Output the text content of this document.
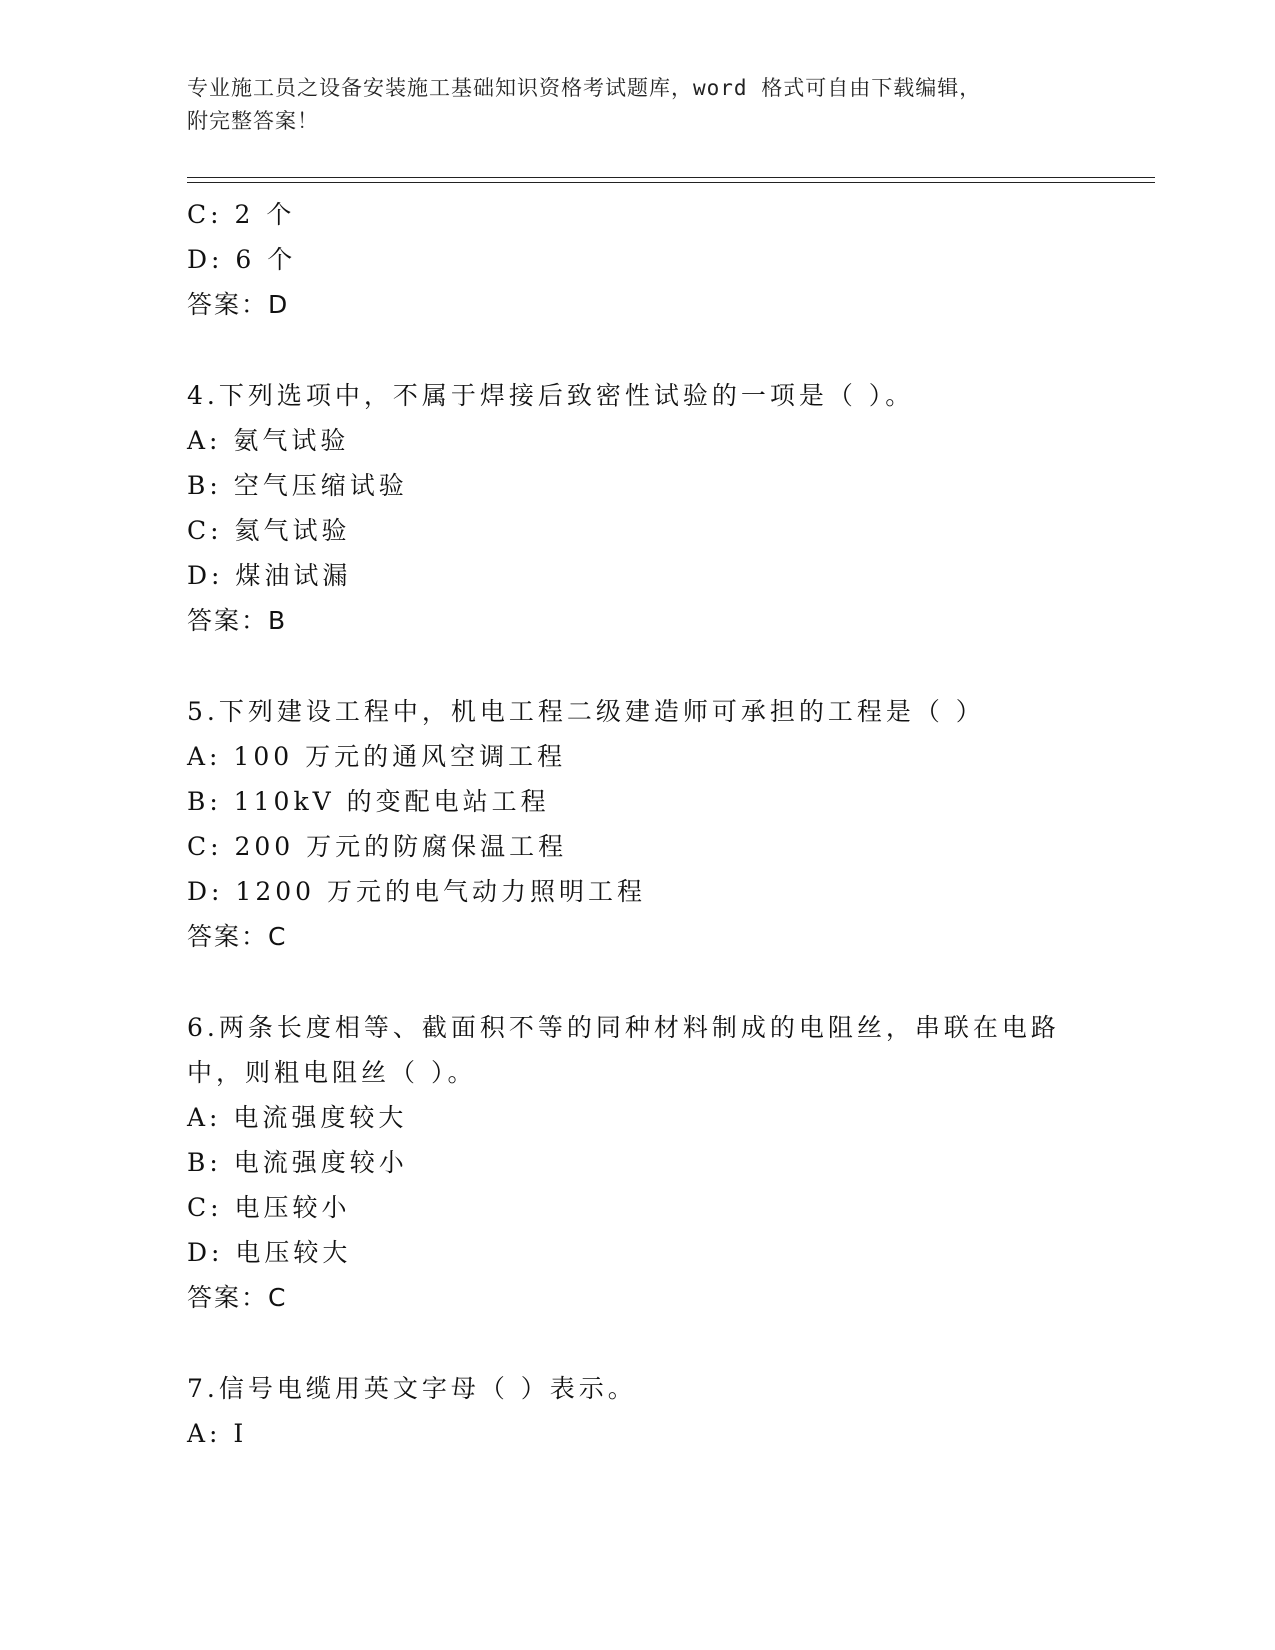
专业施工员之设备安装施工基础知识资格考试题库，word 格式可自由下载编辑，
附完整答案！
C: 2 个
D: 6 个
答案：D
4.下列选项中，不属于焊接后致密性试验的一项是（ ）。
A: 氨气试验
B: 空气压缩试验
C: 氦气试验
D: 煤油试漏
答案：B
5.下列建设工程中，机电工程二级建造师可承担的工程是（ ）
A: 100 万元的通风空调工程
B: 110kV 的变配电站工程
C: 200 万元的防腐保温工程
D: 1200 万元的电气动力照明工程
答案：C
6.两条长度相等、截面积不等的同种材料制成的电阻丝，串联在电路
中，则粗电阻丝（ ）。
A: 电流强度较大
B: 电流强度较小
C: 电压较小
D: 电压较大
答案：C
7.信号电缆用英文字母（ ）表示。
A: I
